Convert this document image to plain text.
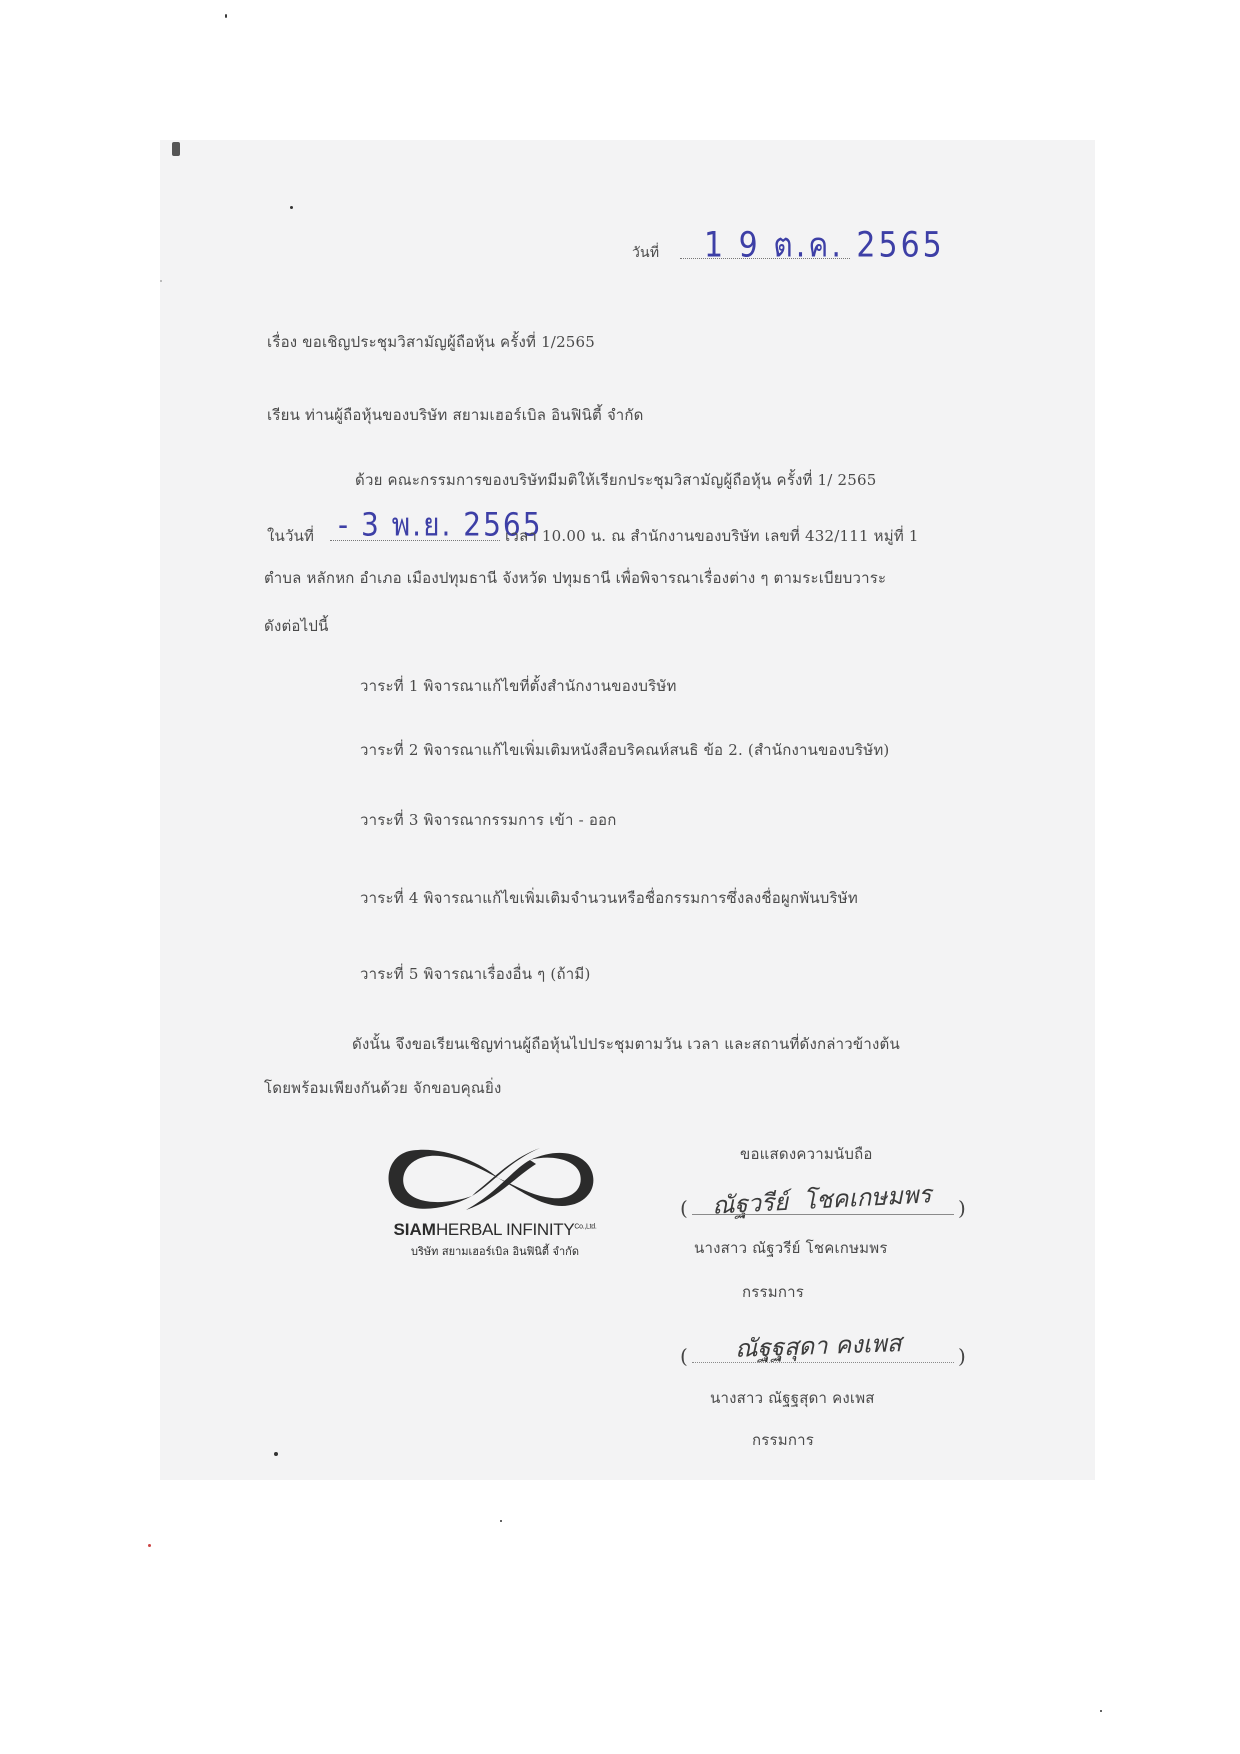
วันที่ 1 9 ต.ค. 2565
เรื่อง ขอเชิญประชุมวิสามัญผู้ถือหุ้น ครั้งที่ 1/2565
เรียน ท่านผู้ถือหุ้นของบริษัท สยามเฮอร์เบิล อินฟินิตี้ จำกัด
ด้วย คณะกรรมการของบริษัทมีมติให้เรียกประชุมวิสามัญผู้ถือหุ้น ครั้งที่ 1/ 2565
ในวันที่ - 3 พ.ย. 2565
เวลา 10.00 น. ณ สำนักงานของบริษัท เลขที่ 432/111 หมู่ที่ 1
ตำบล หลักหก อำเภอ เมืองปทุมธานี จังหวัด ปทุมธานี เพื่อพิจารณาเรื่องต่าง ๆ ตามระเบียบวาระ
ดังต่อไปนี้
วาระที่ 1 พิจารณาแก้ไขที่ตั้งสำนักงานของบริษัท
วาระที่ 2 พิจารณาแก้ไขเพิ่มเติมหนังสือบริคณห์สนธิ ข้อ 2. (สำนักงานของบริษัท)
วาระที่ 3 พิจารณากรรมการ เข้า - ออก
วาระที่ 4 พิจารณาแก้ไขเพิ่มเติมจำนวนหรือชื่อกรรมการซึ่งลงชื่อผูกพันบริษัท
วาระที่ 5 พิจารณาเรื่องอื่น ๆ (ถ้ามี)
ดังนั้น จึงขอเรียนเชิญท่านผู้ถือหุ้นไปประชุมตามวัน เวลา และสถานที่ดังกล่าวข้างต้น
โดยพร้อมเพียงกันด้วย จักขอบคุณยิ่ง
ขอแสดงความนับถือ
SIAMHERBAL $INFINITY^{Co.,Ltd.}$
บริษัท สยามเฮอร์เบิล อินฟินิตี้ จำกัด
( ณัฐวรีย์  โชคเกษมพร )
นางสาว ณัฐวรีย์ โชคเกษมพร
กรรมการ
( ณัฐฐสุดา คงเพส	)
นางสาว ณัฐฐสุดา คงเพส
กรรมการ
